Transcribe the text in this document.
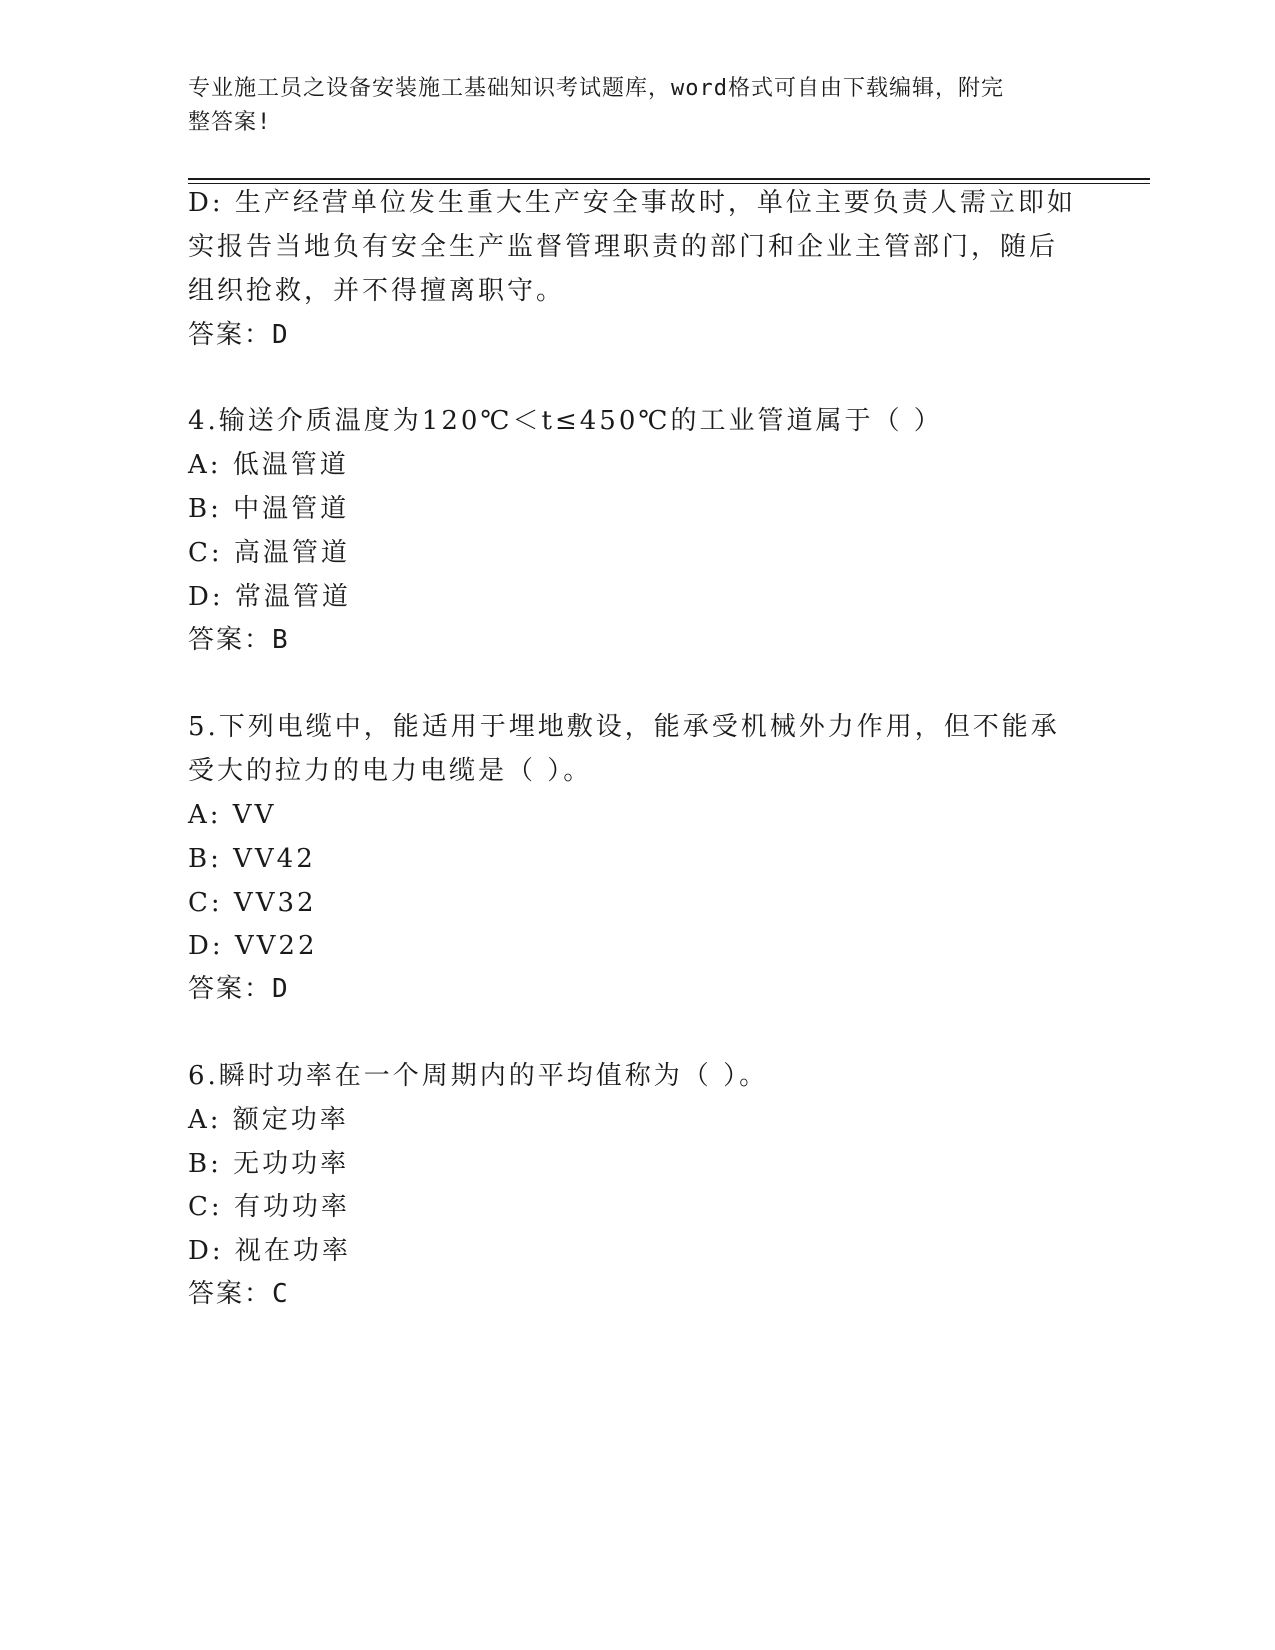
专业施工员之设备安装施工基础知识考试题库，word格式可自由下载编辑，附完
整答案!
D: 生产经营单位发生重大生产安全事故时，单位主要负责人需立即如
实报告当地负有安全生产监督管理职责的部门和企业主管部门，随后
组织抢救，并不得擅离职守。
答案：D
4.输送介质温度为120℃＜t≤450℃的工业管道属于（ ）
A: 低温管道
B: 中温管道
C: 高温管道
D: 常温管道
答案：B
5.下列电缆中，能适用于埋地敷设，能承受机械外力作用，但不能承
受大的拉力的电力电缆是（ ）。
A: VV
B: VV42
C: VV32
D: VV22
答案：D
6.瞬时功率在一个周期内的平均值称为（ ）。
A: 额定功率
B: 无功功率
C: 有功功率
D: 视在功率
答案：C
